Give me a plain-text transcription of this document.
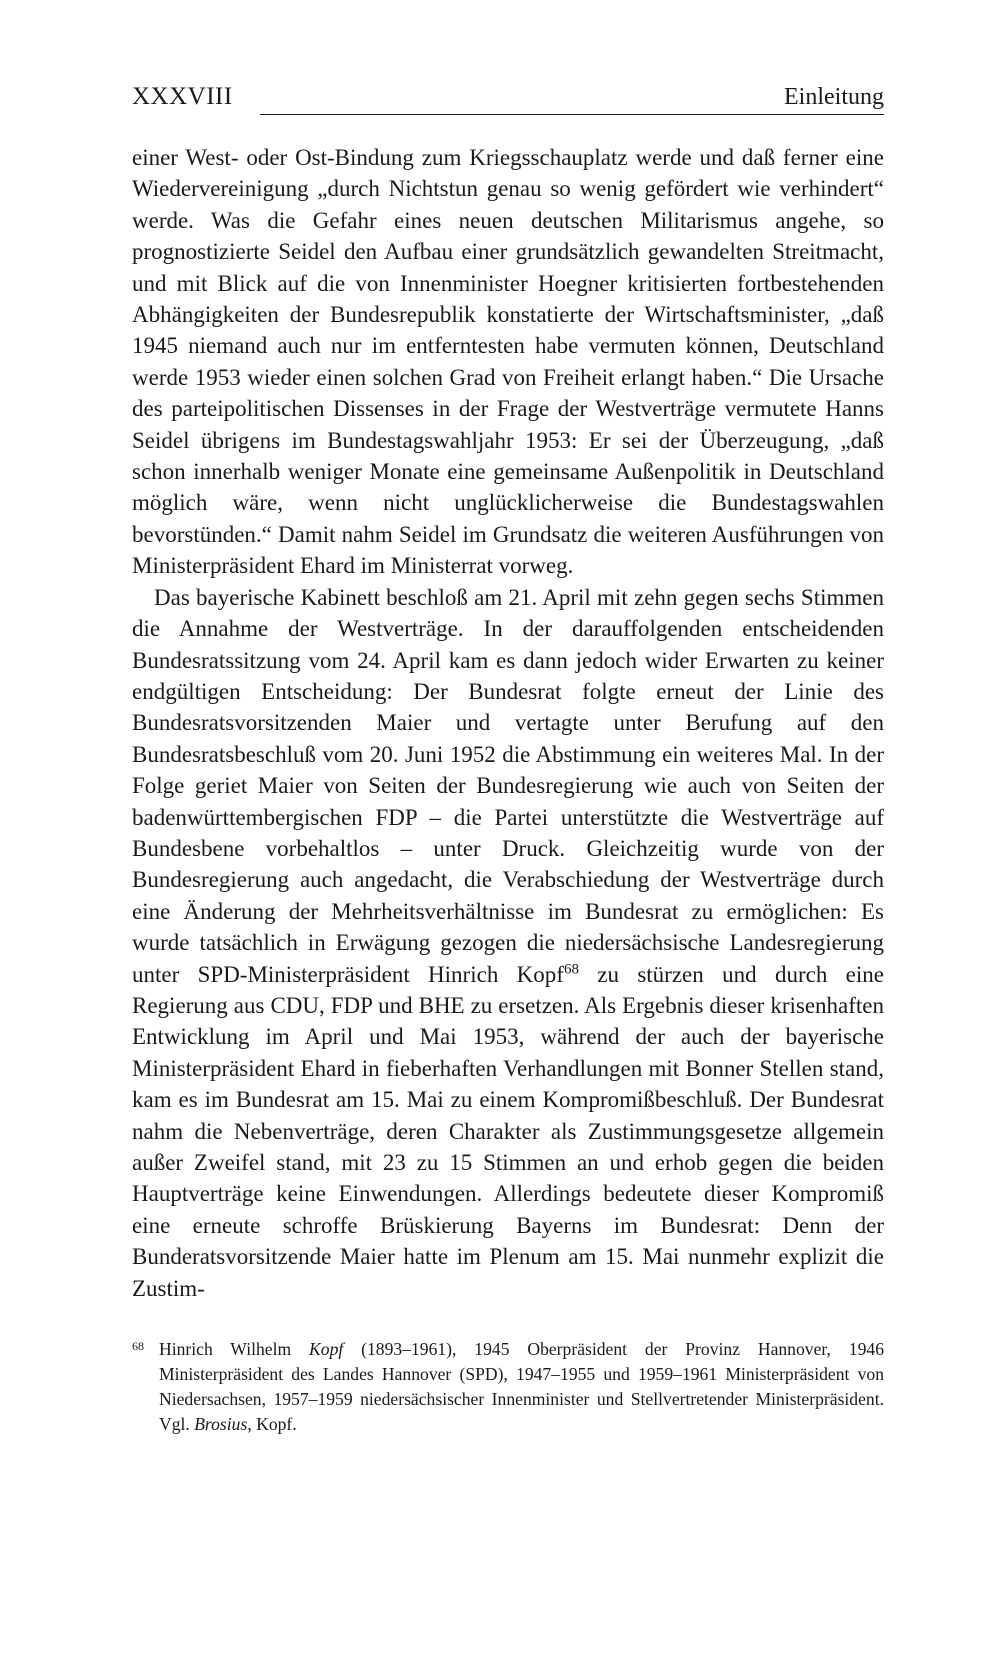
XXXVIII	Einleitung

einer West- oder Ost-Bindung zum Kriegsschauplatz werde und daß ferner eine Wiedervereinigung „durch Nichtstun genau so wenig gefördert wie verhindert“ werde. Was die Gefahr eines neuen deutschen Militarismus angehe, so prognostizierte Seidel den Aufbau einer grundsätzlich gewandelten Streitmacht, und mit Blick auf die von Innenminister Hoegner kritisierten fortbestehenden Abhängigkeiten der Bundesrepublik konstatierte der Wirtschaftsminister, „daß 1945 niemand auch nur im entferntesten habe vermuten können, Deutschland werde 1953 wieder einen solchen Grad von Freiheit erlangt haben.“ Die Ursache des parteipolitischen Dissenses in der Frage der Westverträge vermutete Hanns Seidel übrigens im Bundestagswahljahr 1953: Er sei der Überzeugung, „daß schon innerhalb weniger Monate eine gemeinsame Außenpolitik in Deutschland möglich wäre, wenn nicht unglücklicherweise die Bundestagswahlen bevorstünden.“ Damit nahm Seidel im Grundsatz die weiteren Ausführungen von Ministerpräsident Ehard im Ministerrat vorweg.

Das bayerische Kabinett beschloß am 21. April mit zehn gegen sechs Stimmen die Annahme der Westverträge. In der darauffolgenden entscheidenden Bundesratssitzung vom 24. April kam es dann jedoch wider Erwarten zu keiner endgültigen Entscheidung: Der Bundesrat folgte erneut der Linie des Bundesratsvorsitzenden Maier und vertagte unter Berufung auf den Bundesratsbeschluß vom 20. Juni 1952 die Abstimmung ein weiteres Mal. In der Folge geriet Maier von Seiten der Bundesregierung wie auch von Seiten der badenwürttembergischen FDP – die Partei unterstützte die Westverträge auf Bundesbene vorbehaltlos – unter Druck. Gleichzeitig wurde von der Bundesregierung auch angedacht, die Verabschiedung der Westverträge durch eine Änderung der Mehrheitsverhältnisse im Bundesrat zu ermöglichen: Es wurde tatsächlich in Erwägung gezogen die niedersächsische Landesregierung unter SPD-Ministerpräsident Hinrich Kopf$^{68}$ zu stürzen und durch eine Regierung aus CDU, FDP und BHE zu ersetzen. Als Ergebnis dieser krisenhaften Entwicklung im April und Mai 1953, während der auch der bayerische Ministerpräsident Ehard in fieberhaften Verhandlungen mit Bonner Stellen stand, kam es im Bundesrat am 15. Mai zu einem Kompromißbeschluß. Der Bundesrat nahm die Nebenverträge, deren Charakter als Zustimmungsgesetze allgemein außer Zweifel stand, mit 23 zu 15 Stimmen an und erhob gegen die beiden Hauptverträge keine Einwendungen. Allerdings bedeutete dieser Kompromiß eine erneute schroffe Brüskierung Bayerns im Bundesrat: Denn der Bunderatsvorsitzende Maier hatte im Plenum am 15. Mai nunmehr explizit die Zustim-

68 Hinrich Wilhelm Kopf (1893–1961), 1945 Oberpräsident der Provinz Hannover, 1946 Ministerpräsident des Landes Hannover (SPD), 1947–1955 und 1959–1961 Ministerpräsident von Niedersachsen, 1957–1959 niedersächsischer Innenminister und Stellvertretender Ministerpräsident. Vgl. Brosius, Kopf.
